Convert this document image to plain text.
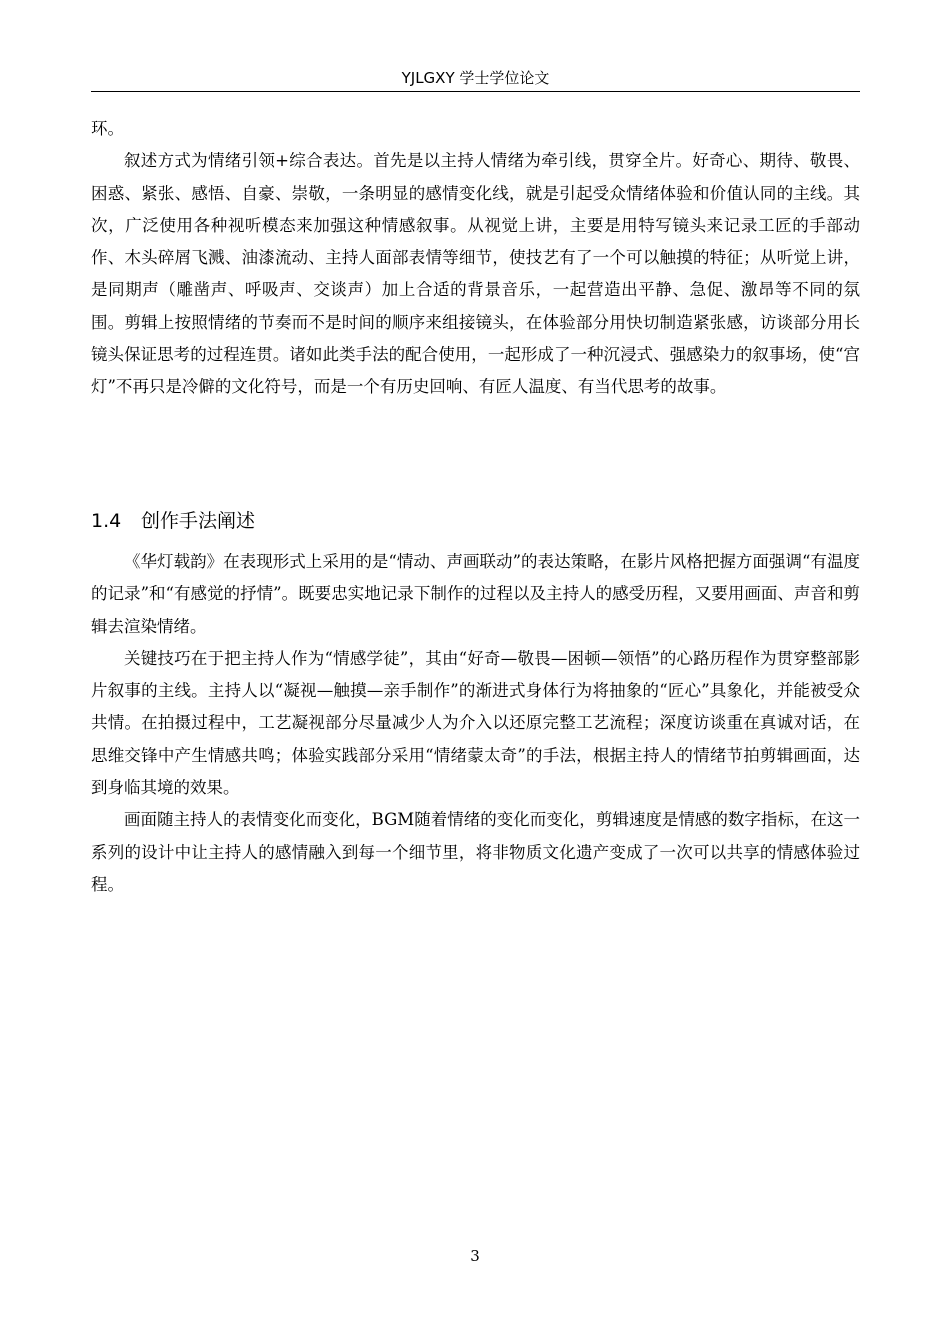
YJLGXY 学士学位论文

环。

叙述方式为情绪引领+综合表达。首先是以主持人情绪为牵引线，贯穿全片。好奇心、期待、敬畏、困惑、紧张、感悟、自豪、崇敬，一条明显的感情变化线，就是引起受众情绪体验和价值认同的主线。其次，广泛使用各种视听模态来加强这种情感叙事。从视觉上讲，主要是用特写镜头来记录工匠的手部动作、木头碎屑飞溅、油漆流动、主持人面部表情等细节，使技艺有了一个可以触摸的特征；从听觉上讲，是同期声（雕凿声、呼吸声、交谈声）加上合适的背景音乐，一起营造出平静、急促、激昂等不同的氛围。剪辑上按照情绪的节奏而不是时间的顺序来组接镜头，在体验部分用快切制造紧张感，访谈部分用长镜头保证思考的过程连贯。诸如此类手法的配合使用，一起形成了一种沉浸式、强感染力的叙事场，使“宫灯”不再只是冷僻的文化符号，而是一个有历史回响、有匠人温度、有当代思考的故事。

1.4 创作手法阐述

《华灯载韵》在表现形式上采用的是“情动、声画联动”的表达策略，在影片风格把握方面强调“有温度的记录”和“有感觉的抒情”。既要忠实地记录下制作的过程以及主持人的感受历程，又要用画面、声音和剪辑去渲染情绪。

关键技巧在于把主持人作为“情感学徒”，其由“好奇—敬畏—困顿—领悟”的心路历程作为贯穿整部影片叙事的主线。主持人以“凝视—触摸—亲手制作”的渐进式身体行为将抽象的“匠心”具象化，并能被受众共情。在拍摄过程中，工艺凝视部分尽量减少人为介入以还原完整工艺流程；深度访谈重在真诚对话，在思维交锋中产生情感共鸣；体验实践部分采用“情绪蒙太奇”的手法，根据主持人的情绪节拍剪辑画面，达到身临其境的效果。

画面随主持人的表情变化而变化，BGM随着情绪的变化而变化，剪辑速度是情感的数字指标，在这一系列的设计中让主持人的感情融入到每一个细节里，将非物质文化遗产变成了一次可以共享的情感体验过程。

3
